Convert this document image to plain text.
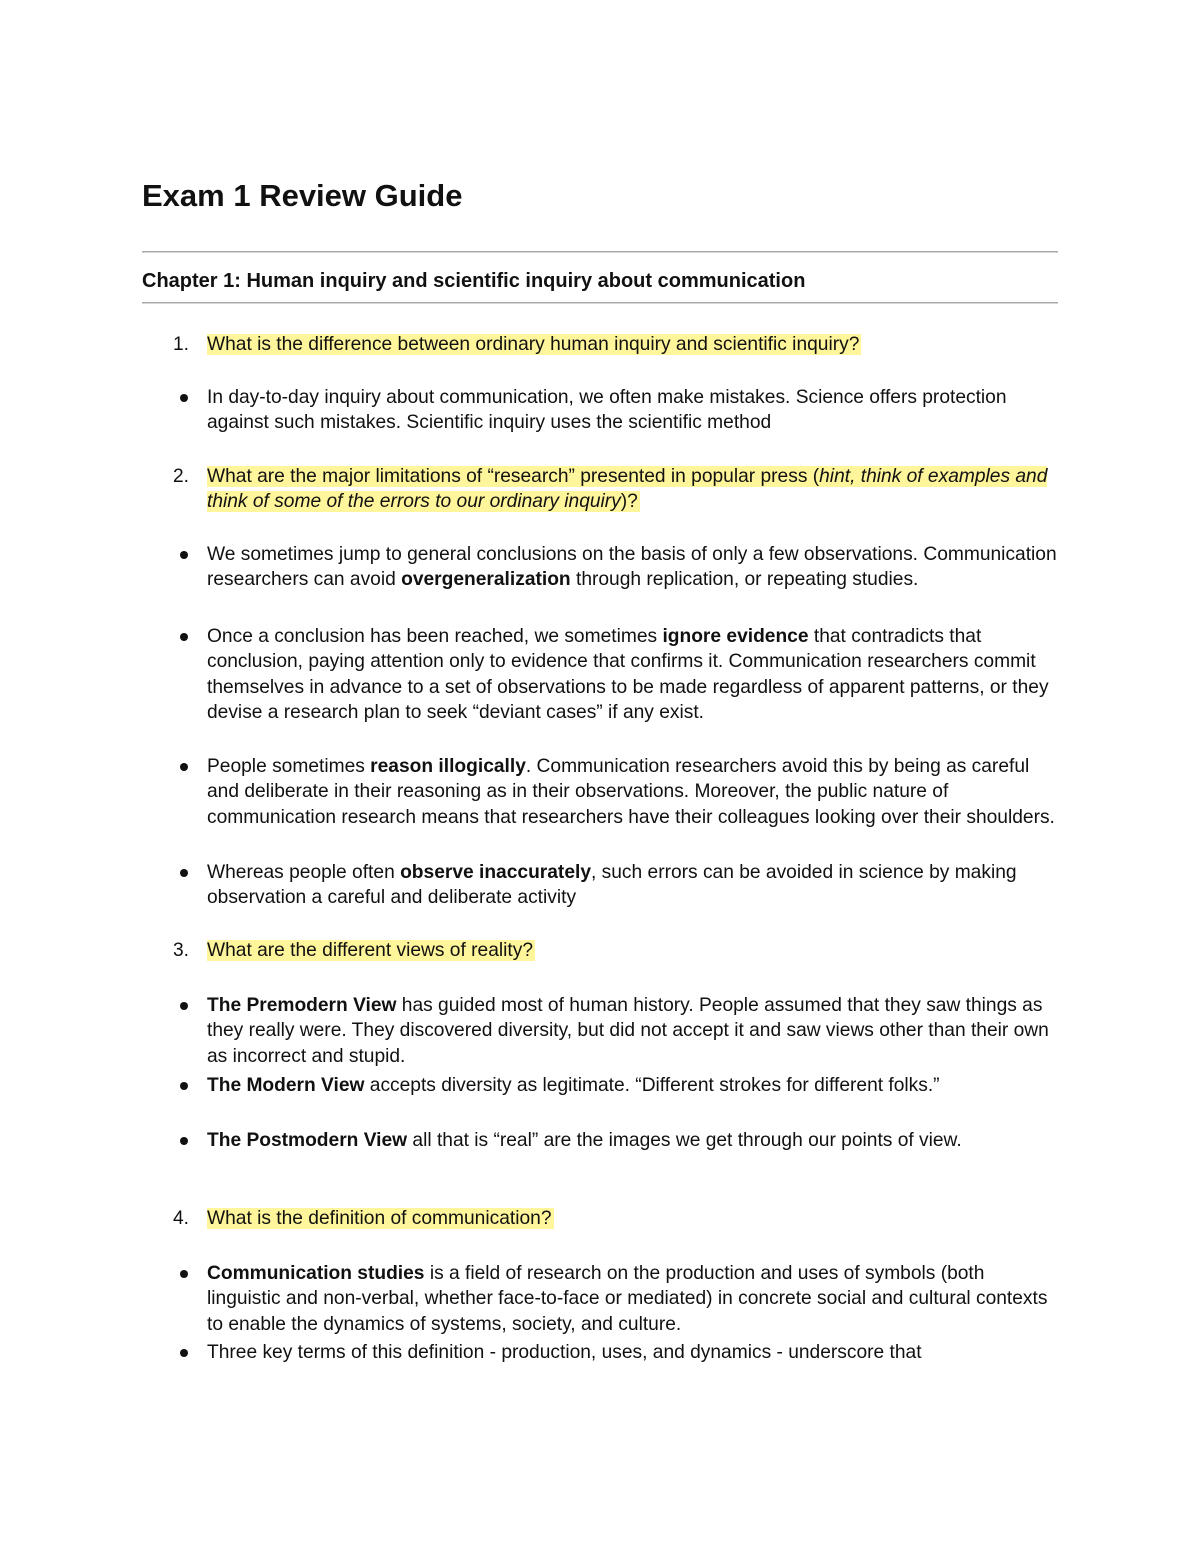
Exam 1 Review Guide
Chapter 1: Human inquiry and scientific inquiry about communication
1. What is the difference between ordinary human inquiry and scientific inquiry?
In day-to-day inquiry about communication, we often make mistakes. Science offers protection against such mistakes. Scientific inquiry uses the scientific method
2. What are the major limitations of “research” presented in popular press (hint, think of examples and think of some of the errors to our ordinary inquiry)?
We sometimes jump to general conclusions on the basis of only a few observations. Communication researchers can avoid overgeneralization through replication, or repeating studies.
Once a conclusion has been reached, we sometimes ignore evidence that contradicts that conclusion, paying attention only to evidence that confirms it. Communication researchers commit themselves in advance to a set of observations to be made regardless of apparent patterns, or they devise a research plan to seek “deviant cases” if any exist.
People sometimes reason illogically. Communication researchers avoid this by being as careful and deliberate in their reasoning as in their observations. Moreover, the public nature of communication research means that researchers have their colleagues looking over their shoulders.
Whereas people often observe inaccurately, such errors can be avoided in science by making observation a careful and deliberate activity
3. What are the different views of reality?
The Premodern View has guided most of human history. People assumed that they saw things as they really were. They discovered diversity, but did not accept it and saw views other than their own as incorrect and stupid.
The Modern View accepts diversity as legitimate. “Different strokes for different folks.”
The Postmodern View all that is “real” are the images we get through our points of view.
4. What is the definition of communication?
Communication studies is a field of research on the production and uses of symbols (both linguistic and non-verbal, whether face-to-face or mediated) in concrete social and cultural contexts to enable the dynamics of systems, society, and culture.
Three key terms of this definition - production, uses, and dynamics - underscore that
